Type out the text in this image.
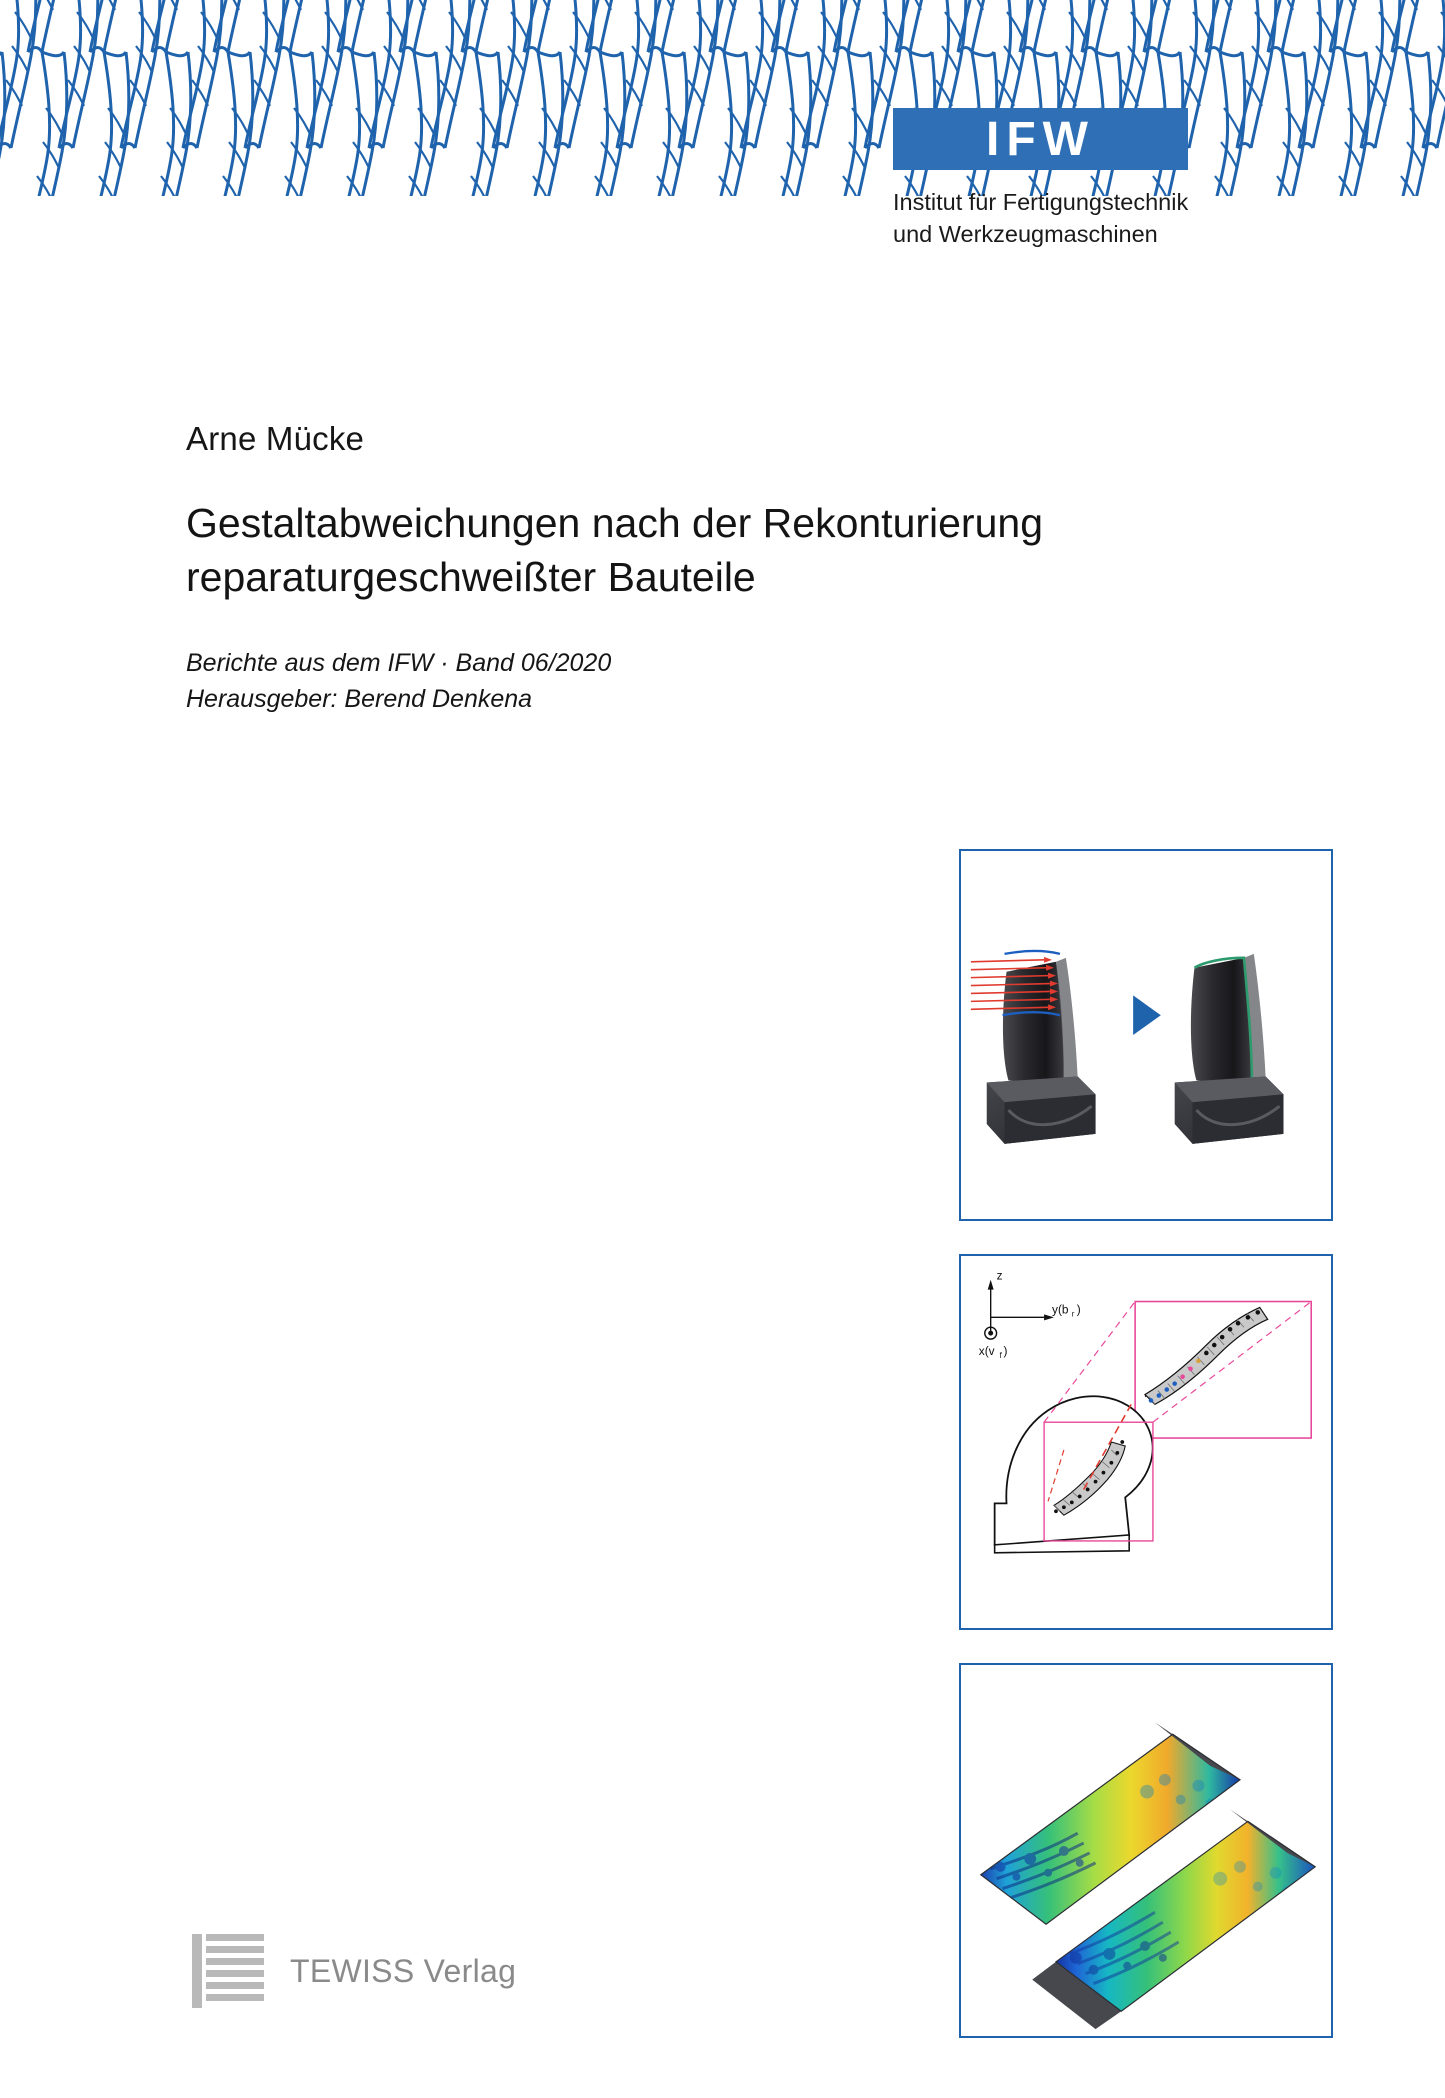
IFW
Institut für Fertigungstechnik
und Werkzeugmaschinen
Arne Mücke
Gestaltabweichungen nach der Rekonturierung
reparaturgeschweißter Bauteile
Berichte aus dem IFW · Band 06/2020
Herausgeber: Berend Denkena
z
y(b r )
x(v f )
TEWISS Verlag
